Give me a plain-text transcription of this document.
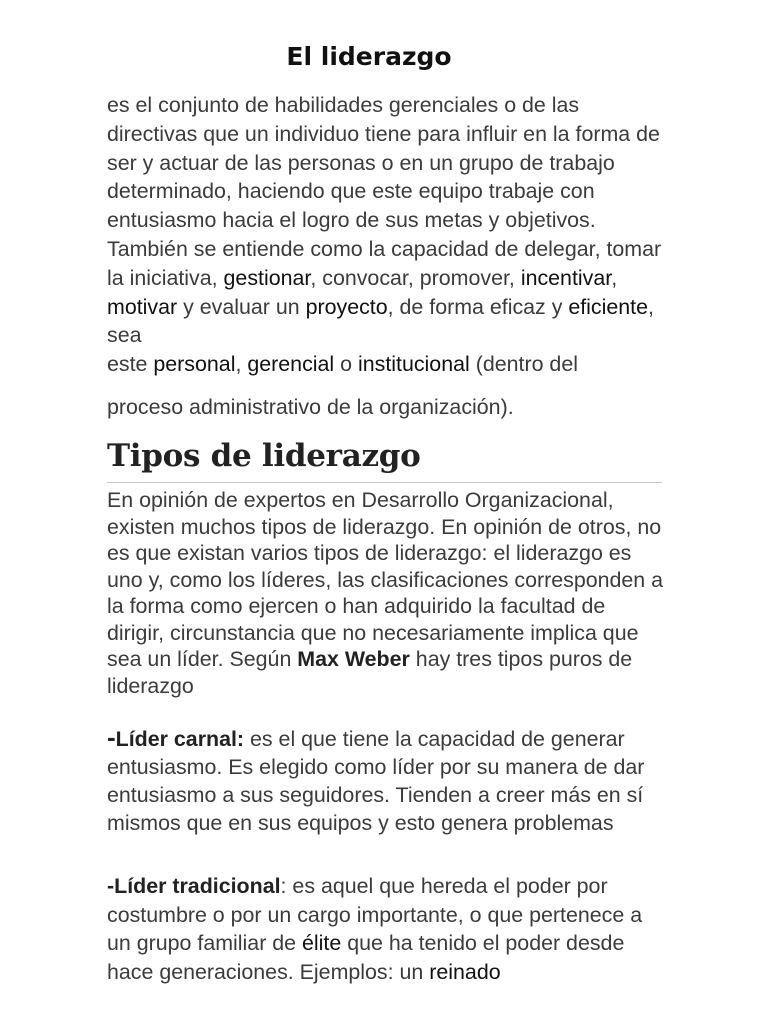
El liderazgo
es el conjunto de habilidades gerenciales o de las directivas que un individuo tiene para influir en la forma de ser y actuar de las personas o en un grupo de trabajo determinado, haciendo que este equipo trabaje con entusiasmo hacia el logro de sus metas y objetivos. También se entiende como la capacidad de delegar, tomar la iniciativa, gestionar, convocar, promover, incentivar, motivar y evaluar un proyecto, de forma eficaz y eficiente, sea
este personal, gerencial o institucional (dentro del
proceso administrativo de la organización).
Tipos de liderazgo
En opinión de expertos en Desarrollo Organizacional, existen muchos tipos de liderazgo. En opinión de otros, no es que existan varios tipos de liderazgo: el liderazgo es uno y, como los líderes, las clasificaciones corresponden a la forma como ejercen o han adquirido la facultad de dirigir, circunstancia que no necesariamente implica que sea un líder. Según Max Weber hay tres tipos puros de liderazgo
-Líder carnal: es el que tiene la capacidad de generar entusiasmo. Es elegido como líder por su manera de dar entusiasmo a sus seguidores. Tienden a creer más en sí mismos que en sus equipos y esto genera problemas
-Líder tradicional: es aquel que hereda el poder por costumbre o por un cargo importante, o que pertenece a un grupo familiar de élite que ha tenido el poder desde hace generaciones. Ejemplos: un reinado
